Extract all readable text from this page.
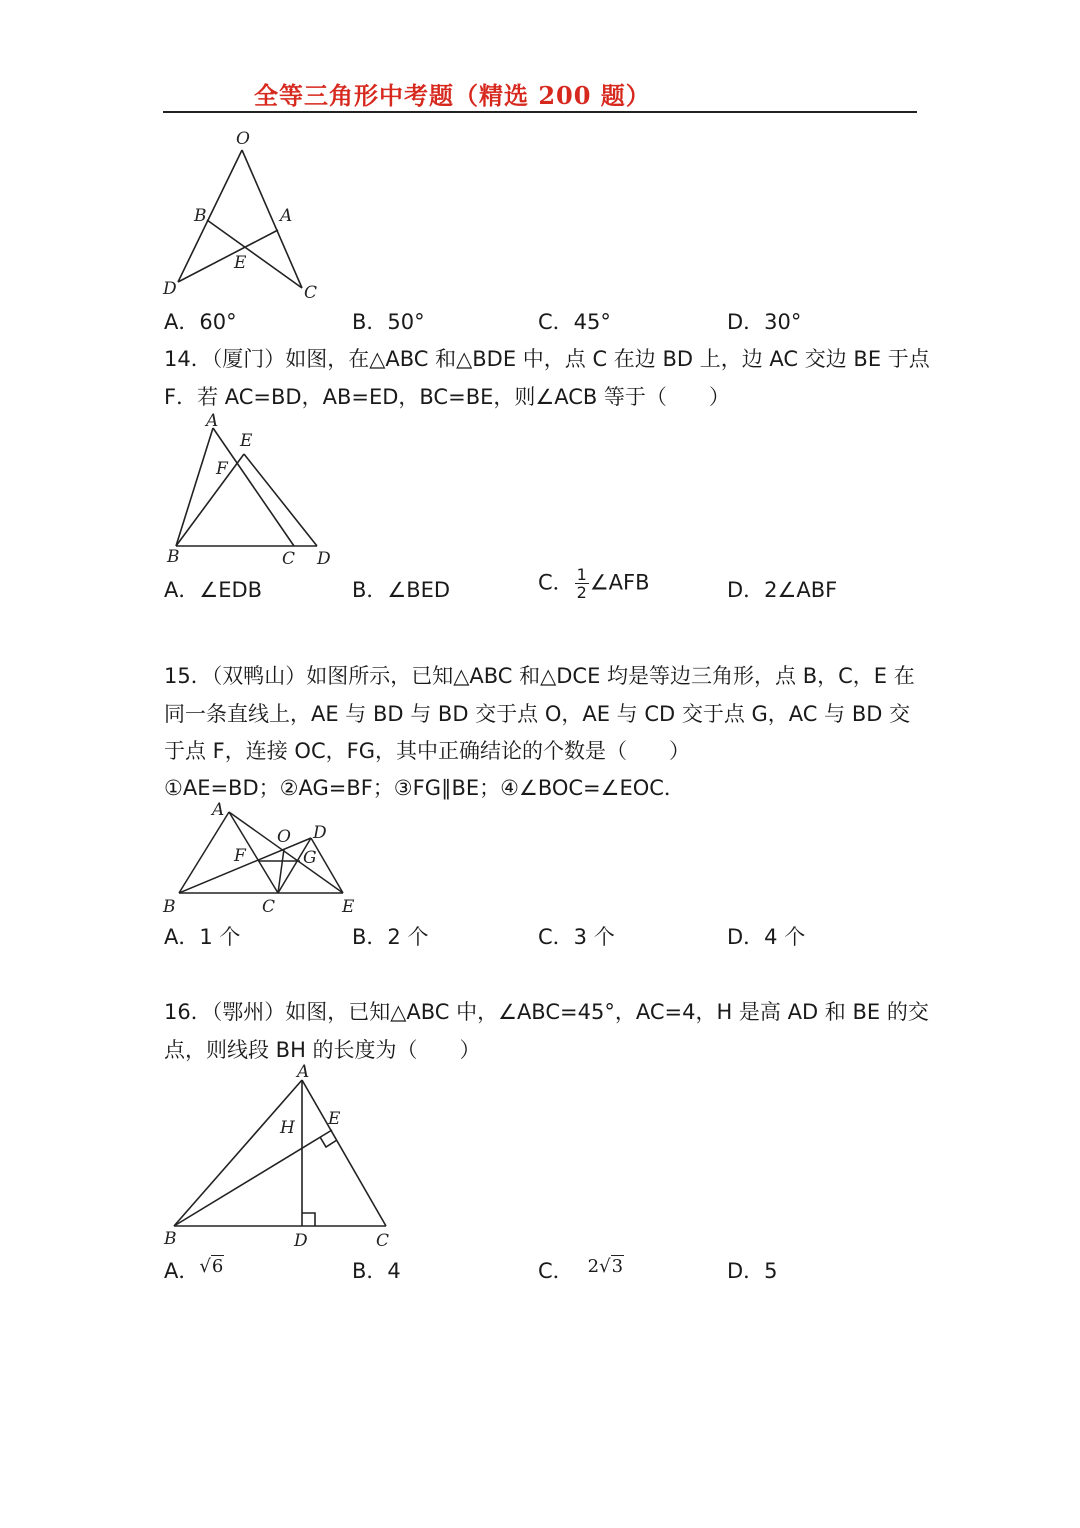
全等三角形中考题（精选 200 题）
O
B	A
E
D	C
A．60°	B．50°	C．45°	D．30°
14．（厦门）如图，在△ABC 和△BDE 中，点 C 在边 BD 上，边 AC 交边 BE 于点
F．若 AC=BD，AB=ED，BC=BE，则∠ACB 等于（　　）
A
E
F
B	C D
A．∠EDB	B．∠BED	C． $\frac{1}{2}$ ∠AFB	D．2∠ABF
15．（双鸭山）如图所示，已知△ABC 和△DCE 均是等边三角形，点 B，C，E 在
同一条直线上，AE 与 BD 与 BD 交于点 O，AE 与 CD 交于点 G，AC 与 BD 交
于点 F，连接 OC，FG，其中正确结论的个数是（　　）
①AE=BD；②AG=BF；③FG∥BE；④∠BOC=∠EOC．
A
O D
F	G
B	C	E
A．1 个	B．2 个	C．3 个	D．4 个
16．（鄂州）如图，已知△ABC 中，∠ABC=45°，AC=4，H 是高 AD 和 BE 的交
点，则线段 BH 的长度为（　　）
A
H E
B	D	C
A．√6	B．4	C． 2√3	D．5
